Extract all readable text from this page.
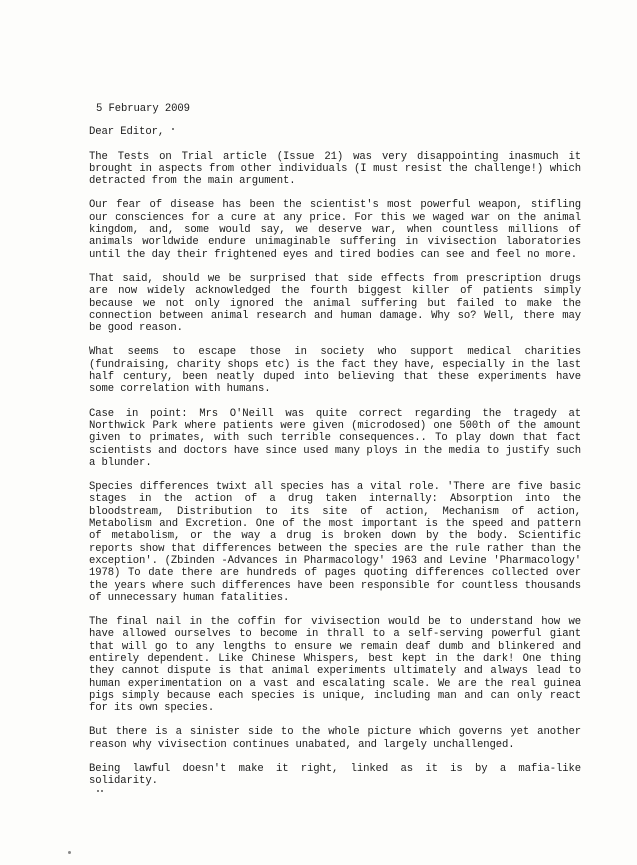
5 February 2009
Dear Editor,

The Tests on Trial article (Issue 21) was very disappointing inasmuch it brought in aspects from other individuals (I must resist the challenge!) which detracted from the main argument.

Our fear of disease has been the scientist's most powerful weapon, stifling our consciences for a cure at any price. For this we waged war on the animal kingdom, and, some would say, we deserve war, when countless millions of animals worldwide endure unimaginable suffering in vivisection laboratories until the day their frightened eyes and tired bodies can see and feel no more.

That said, should we be surprised that side effects from prescription drugs are now widely acknowledged the fourth biggest killer of patients simply because we not only ignored the animal suffering but failed to make the connection between animal research and human damage. Why so? Well, there may be good reason.

What seems to escape those in society who support medical charities (fundraising, charity shops etc) is the fact they have, especially in the last half century, been neatly duped into believing that these experiments have some correlation with humans.

Case in point: Mrs O'Neill was quite correct regarding the tragedy at Northwick Park where patients were given (microdosed) one 500th of the amount given to primates, with such terrible consequences.. To play down that fact scientists and doctors have since used many ploys in the media to justify such a blunder.

Species differences twixt all species has a vital role. 'There are five basic stages in the action of a drug taken internally: Absorption into the bloodstream, Distribution to its site of action, Mechanism of action, Metabolism and Excretion. One of the most important is the speed and pattern of metabolism, or the way a drug is broken down by the body. Scientific reports show that differences between the species are the rule rather than the exception'. (Zbinden -Advances in Pharmacology' 1963 and Levine 'Pharmacology' 1978) To date there are hundreds of pages quoting differences collected over the years where such differences have been responsible for countless thousands of unnecessary human fatalities.

The final nail in the coffin for vivisection would be to understand how we have allowed ourselves to become in thrall to a self-serving powerful giant that will go to any lengths to ensure we remain deaf dumb and blinkered and entirely dependent. Like Chinese Whispers, best kept in the dark! One thing they cannot dispute is that animal experiments ultimately and always lead to human experimentation on a vast and escalating scale. We are the real guinea pigs simply because each species is unique, including man and can only react for its own species.

But there is a sinister side to the whole picture which governs yet another reason why vivisection continues unabated, and largely unchallenged.

Being lawful doesn't make it right, linked as it is by a mafia-like solidarity.
